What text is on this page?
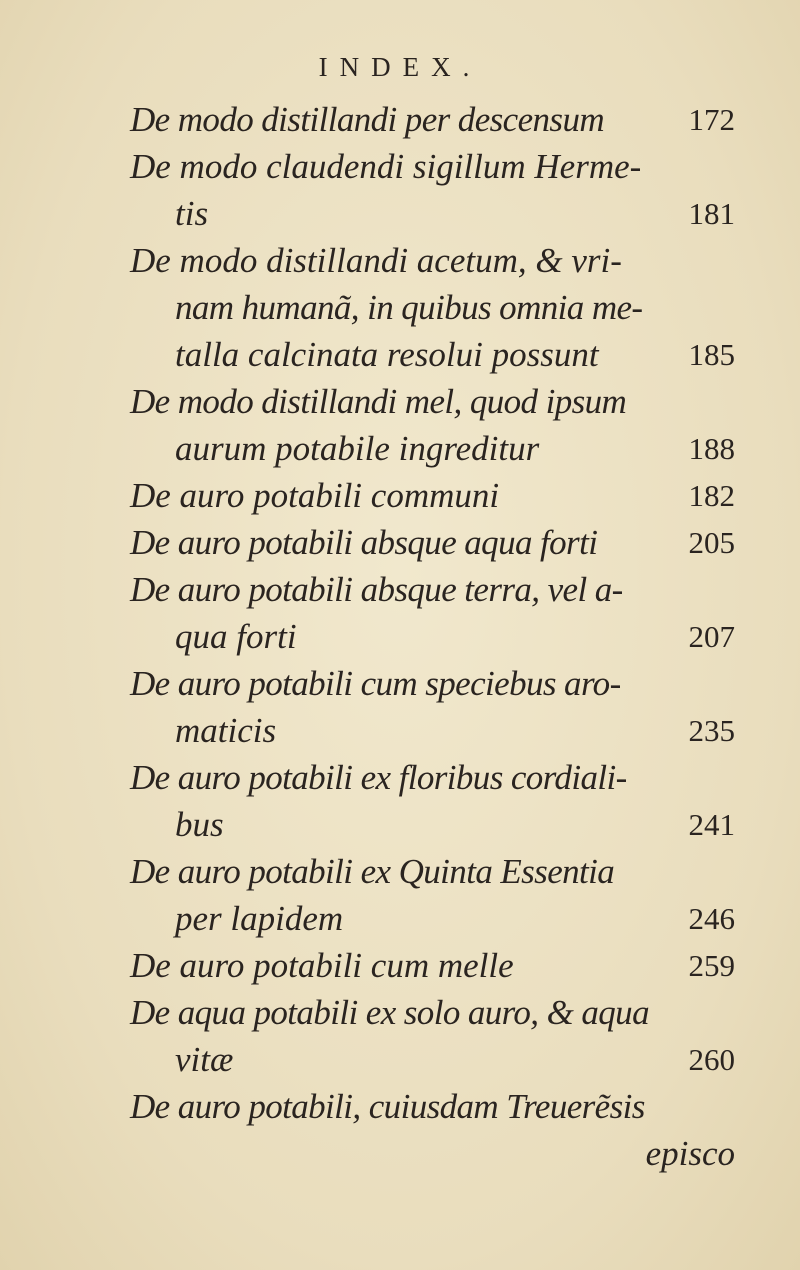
INDEX.
De modo distillandi per descensum	172
De modo claudendi sigillum Herme-
tis	181
De modo distillandi acetum, & vri-
nam humanã, in quibus omnia me-
talla calcinata resolui possunt	185
De modo distillandi mel, quod ipsum
aurum potabile ingreditur	188
De auro potabili communi	182
De auro potabili absque aqua forti	205
De auro potabili absque terra, vel a-
qua forti	207
De auro potabili cum speciebus aro-
maticis	235
De auro potabili ex floribus cordiali-
bus	241
De auro potabili ex Quinta Essentia
per lapidem	246
De auro potabili cum melle	259
De aqua potabili ex solo auro, & aqua
vitæ	260
De auro potabili, cuiusdam Treuerẽsis
episco
